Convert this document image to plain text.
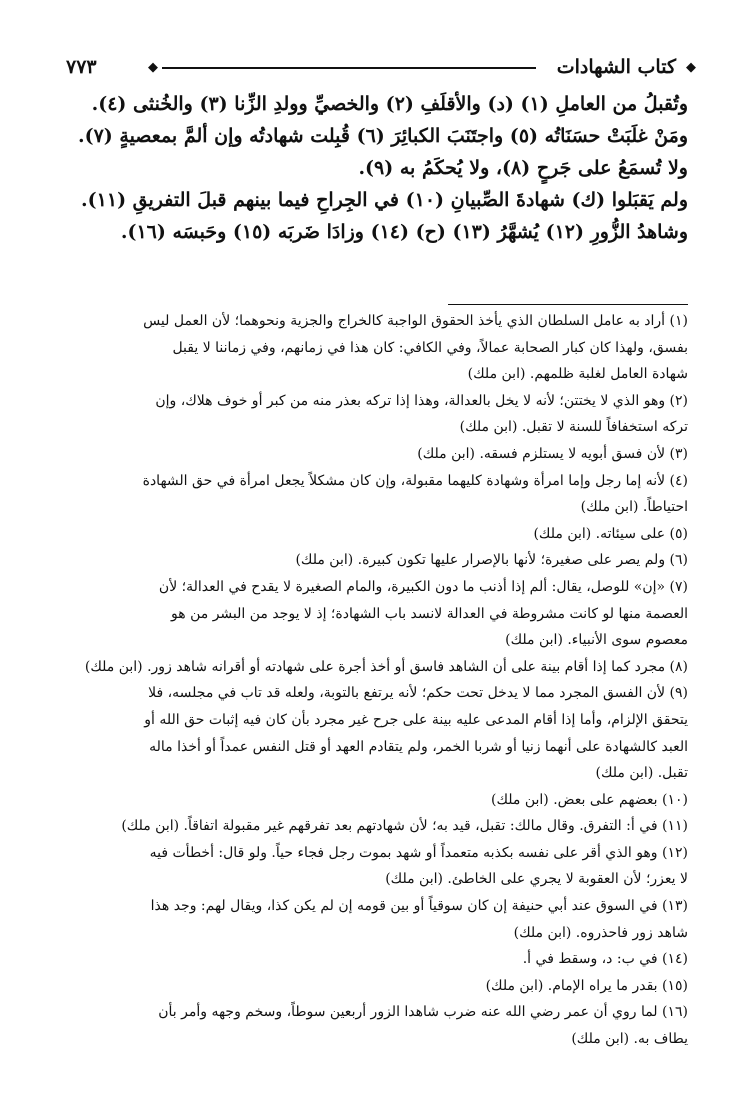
◆
كتاب الشهادات
◆
٧٧٣
وتُقبلُ من العاملِ (١) (د) والأقلَفِ (٢) والخصيِّ وولدِ الزِّنا (٣) والخُنثى (٤).
ومَنْ غلَبَتْ حسَنَاتُه (٥) واجتَنَبَ الكبائِرَ (٦) قُبِلت شهادتُه وإن ألمَّ بمعصيةٍ (٧).
ولا تُسمَعُ على جَرحٍ (٨)، ولا يُحكَمُ به (٩).
ولم يَقبَلوا (ك) شهادةَ الصِّبيانِ (١٠) في الجِراحِ فيما بينهم قبلَ التفريقِ (١١).
وشاهدُ الزُّورِ (١٢) يُشهَّرُ (١٣) (ح) (١٤) وزادَا ضَربَه (١٥) وحَبسَه (١٦).
(١) أراد به عامل السلطان الذي يأخذ الحقوق الواجبة كالخراج والجزية ونحوهما؛ لأن العمل ليس
بفسق، ولهذا كان كبار الصحابة عمالاً، وفي الكافي: كان هذا في زمانهم، وفي زماننا لا يقبل
شهادة العامل لغلبة ظلمهم. (ابن ملك)
(٢) وهو الذي لا يختتن؛ لأنه لا يخل بالعدالة، وهذا إذا تركه بعذر منه من كبر أو خوف هلاك، وإن
تركه استخفافاً للسنة لا تقبل. (ابن ملك)
(٣) لأن فسق أبويه لا يستلزم فسقه. (ابن ملك)
(٤) لأنه إما رجل وإما امرأة وشهادة كليهما مقبولة، وإن كان مشكلاً يجعل امرأة في حق الشهادة
احتياطاً. (ابن ملك)
(٥) على سيئاته. (ابن ملك)
(٦) ولم يصر على صغيرة؛ لأنها بالإصرار عليها تكون كبيرة. (ابن ملك)
(٧) «إن» للوصل، يقال: ألم إذا أذنب ما دون الكبيرة، والمام الصغيرة لا يقدح في العدالة؛ لأن
العصمة منها لو كانت مشروطة في العدالة لانسد باب الشهادة؛ إذ لا يوجد من البشر من هو
معصوم سوى الأنبياء. (ابن ملك)
(٨) مجرد كما إذا أقام بينة على أن الشاهد فاسق أو أخذ أجرة على شهادته أو أقرانه شاهد زور. (ابن ملك)
(٩) لأن الفسق المجرد مما لا يدخل تحت حكم؛ لأنه يرتفع بالتوبة، ولعله قد تاب في مجلسه، فلا
يتحقق الإلزام، وأما إذا أقام المدعى عليه بينة على جرح غير مجرد بأن كان فيه إثبات حق الله أو
العبد كالشهادة على أنهما زنيا أو شربا الخمر، ولم يتقادم العهد أو قتل النفس عمداً أو أخذا ماله
تقبل. (ابن ملك)
(١٠) بعضهم على بعض. (ابن ملك)
(١١) في أ: التفرق. وقال مالك: تقبل، قيد به؛ لأن شهادتهم بعد تفرقهم غير مقبولة اتفاقاً. (ابن ملك)
(١٢) وهو الذي أقر على نفسه بكذبه متعمداً أو شهد بموت رجل فجاء حياً. ولو قال: أخطأت فيه
لا يعزر؛ لأن العقوبة لا يجري على الخاطئ. (ابن ملك)
(١٣) في السوق عند أبي حنيفة إن كان سوقياً أو بين قومه إن لم يكن كذا، ويقال لهم: وجد هذا
شاهد زور فاحذروه. (ابن ملك)
(١٤) في ب: د، وسقط في أ.
(١٥) بقدر ما يراه الإمام. (ابن ملك)
(١٦) لما روي أن عمر رضي الله عنه ضرب شاهدا الزور أربعين سوطاً، وسخم وجهه وأمر بأن
يطاف به. (ابن ملك)
